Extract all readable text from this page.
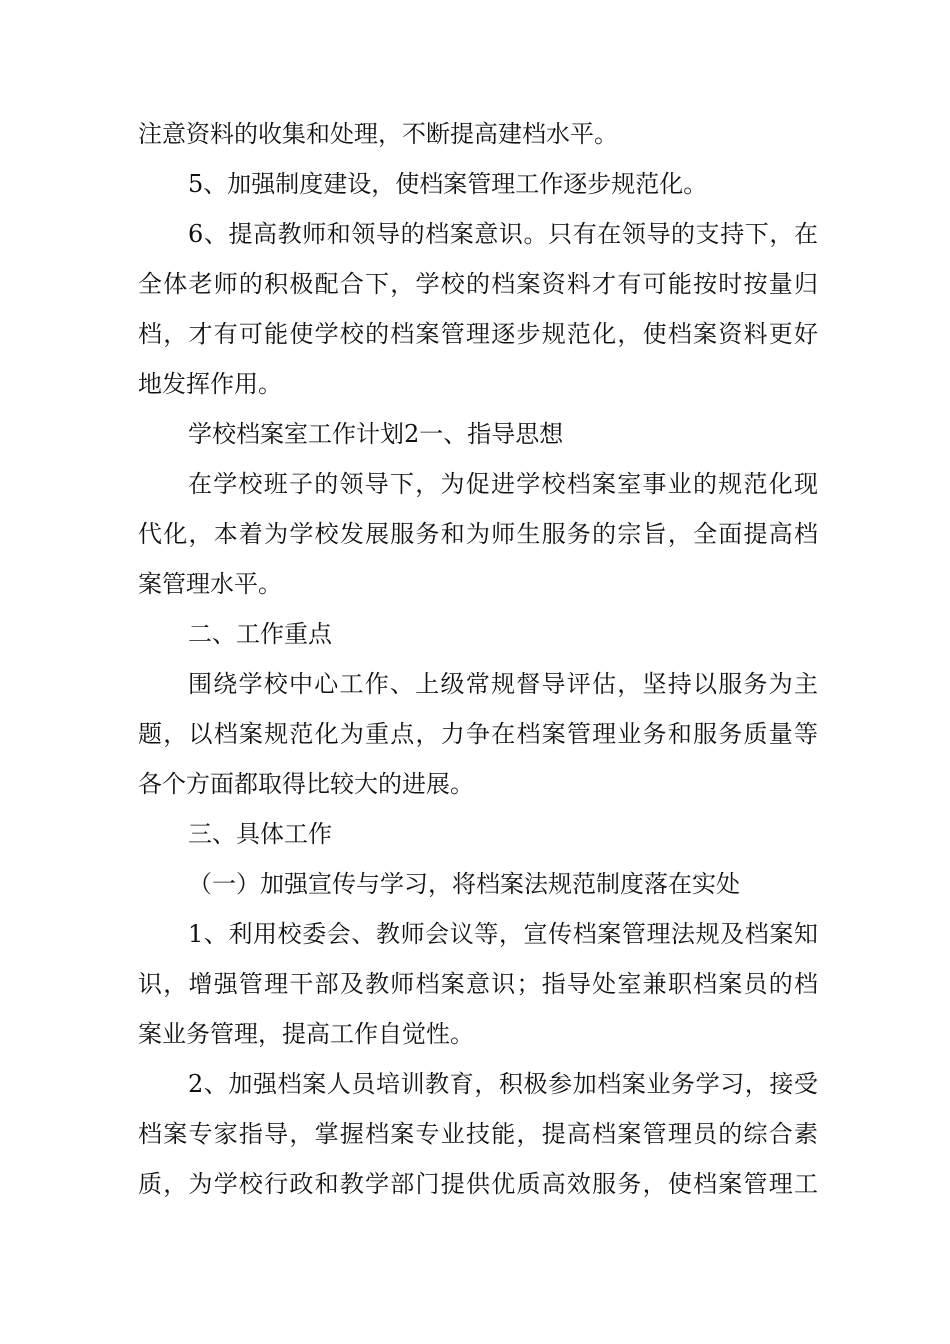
注意资料的收集和处理，不断提高建档水平。
5、加强制度建设，使档案管理工作逐步规范化。
6、提高教师和领导的档案意识。只有在领导的支持下，在
全体老师的积极配合下，学校的档案资料才有可能按时按量归
档，才有可能使学校的档案管理逐步规范化，使档案资料更好
地发挥作用。
学校档案室工作计划2一、指导思想
在学校班子的领导下，为促进学校档案室事业的规范化现
代化，本着为学校发展服务和为师生服务的宗旨，全面提高档
案管理水平。
二、工作重点
围绕学校中心工作、上级常规督导评估，坚持以服务为主
题，以档案规范化为重点，力争在档案管理业务和服务质量等
各个方面都取得比较大的进展。
三、具体工作
（一）加强宣传与学习，将档案法规范制度落在实处
1、利用校委会、教师会议等，宣传档案管理法规及档案知
识，增强管理干部及教师档案意识；指导处室兼职档案员的档
案业务管理，提高工作自觉性。
2、加强档案人员培训教育，积极参加档案业务学习，接受
档案专家指导，掌握档案专业技能，提高档案管理员的综合素
质，为学校行政和教学部门提供优质高效服务，使档案管理工
